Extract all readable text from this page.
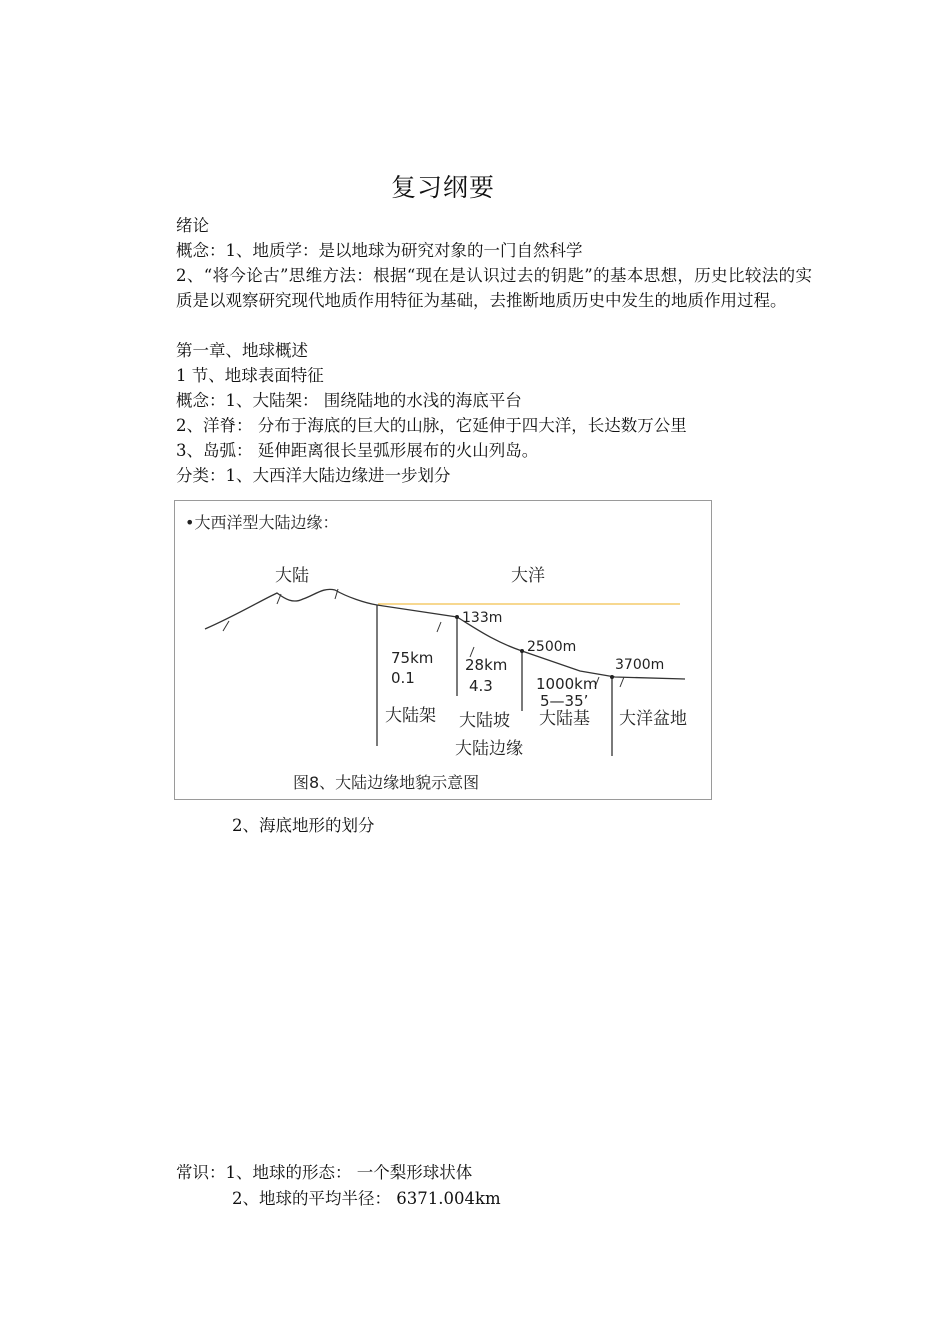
复习纲要
绪论
概念：1、地质学：是以地球为研究对象的一门自然科学
2、“将今论古”思维方法：根据“现在是认识过去的钥匙”的基本思想，历史比较法的实质是以观察研究现代地质作用特征为基础，去推断地质历史中发生的地质作用过程。
第一章、地球概述
1 节、地球表面特征
概念：1、大陆架： 围绕陆地的水浅的海底平台
2、洋脊： 分布于海底的巨大的山脉，它延伸于四大洋，长达数万公里
3、岛弧： 延伸距离很长呈弧形展布的火山列岛。
分类：1、大西洋大陆边缘进一步划分
•大西洋型大陆边缘：
大陆	大洋
133m
2500m
3700m
75km
0.1
28km
4.3	1000km
5—35’
大陆架 大陆坡 大陆基 大洋盆地
大陆边缘
图8、大陆边缘地貌示意图
2、海底地形的划分
常识：1、地球的形态： 一个梨形球状体
2、地球的平均半径： 6371.004km
